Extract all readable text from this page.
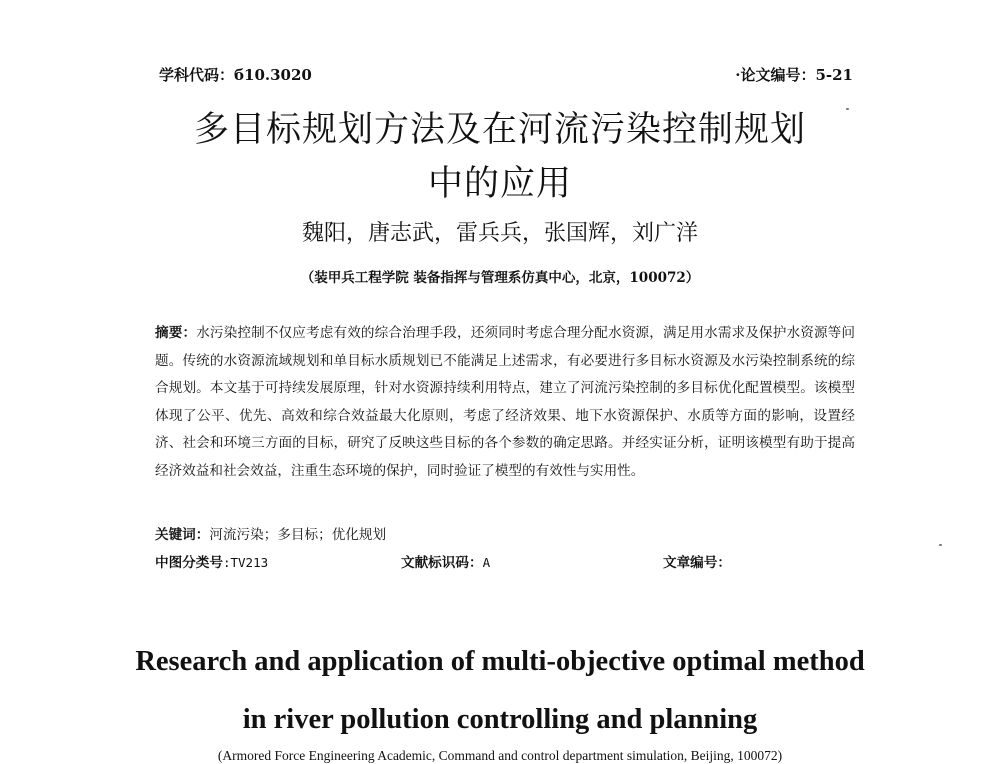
学科代码：б10.3020	·论文编号：5-21
多目标规划方法及在河流污染控制规划
中的应用
魏阳，唐志武，雷兵兵，张国辉，刘广洋
（装甲兵工程学院 装备指挥与管理系仿真中心，北京，100072）
摘要：水污染控制不仅应考虑有效的综合治理手段，还须同时考虑合理分配水资源，满足用水需求及保护水资源等问题。传统的水资源流域规划和单目标水质规划已不能满足上述需求，有必要进行多目标水资源及水污染控制系统的综合规划。本文基于可持续发展原理，针对水资源持续利用特点，建立了河流污染控制的多目标优化配置模型。该模型体现了公平、优先、高效和综合效益最大化原则，考虑了经济效果、地下水资源保护、水质等方面的影响，设置经济、社会和环境三方面的目标，研究了反映这些目标的各个参数的确定思路。并经实证分析，证明该模型有助于提高经济效益和社会效益，注重生态环境的保护，同时验证了模型的有效性与实用性。
关键词：河流污染；多目标；优化规划
中图分类号:TV213	文献标识码：A	文章编号：
Research and application of multi-objective optimal method
in river pollution controlling and planning
(Armored Force Engineering Academic, Command and control department simulation, Beijing, 100072)
